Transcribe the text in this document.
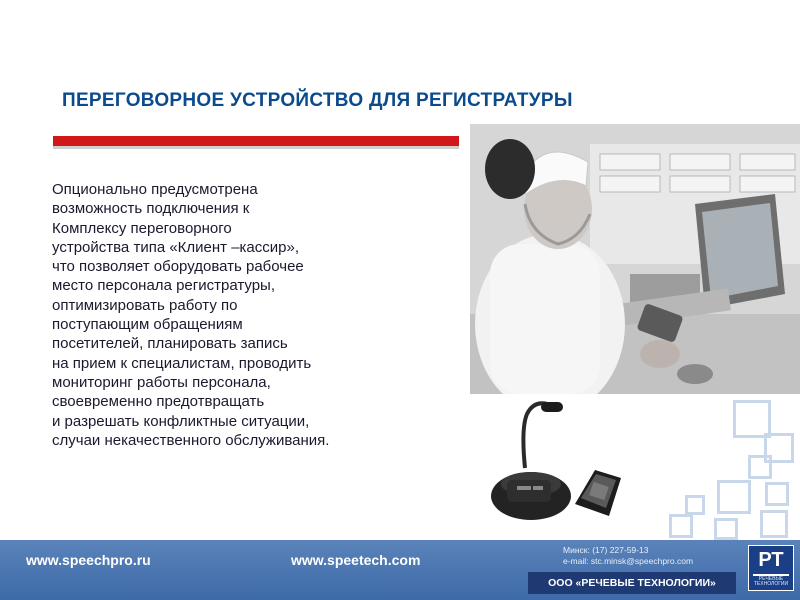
ПЕРЕГОВОРНОЕ УСТРОЙСТВО ДЛЯ РЕГИСТРАТУРЫ

Опционально предусмотрена
возможность подключения к
Комплексу переговорного
устройства типа «Клиент –кассир»,
что позволяет оборудовать рабочее
место персонала регистратуры,
оптимизировать работу по
поступающим обращениям
посетителей, планировать запись
на прием к специалистам, проводить
мониторинг работы персонала,
своевременно предотвращать
и разрешать конфликтные ситуации,
случаи некачественного обслуживания.

www.speechpro.ru	www.speetech.com
Минск: (17) 227-59-13
e-mail: stc.minsk@speechpro.com
ООО «РЕЧЕВЫЕ ТЕХНОЛОГИИ»
РТ
РЕЧЕВЫЕ
ТЕХНОЛОГИИ
